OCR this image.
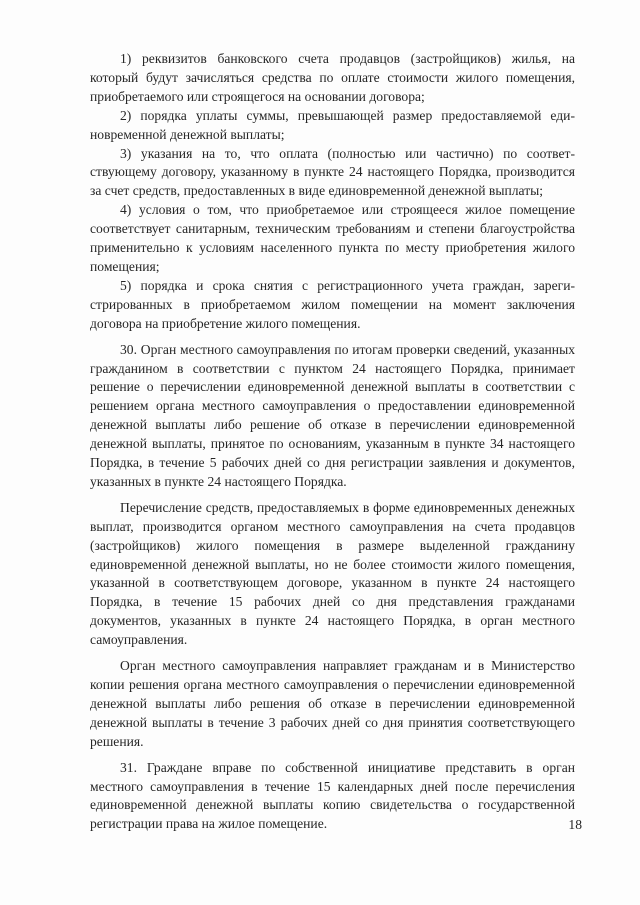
1) реквизитов банковского счета продавцов (застройщиков) жилья, на который будут зачисляться средства по оплате стоимости жилого помещения, приобретаемого или строящегося на основании договора;

2) порядка уплаты суммы, превышающей размер предоставляемой единовременной денежной выплаты;

3) указания на то, что оплата (полностью или частично) по соответствующему договору, указанному в пункте 24 настоящего Порядка, производится за счет средств, предоставленных в виде единовременной денежной выплаты;

4) условия о том, что приобретаемое или строящееся жилое помещение соответствует санитарным, техническим требованиям и степени благоустройства применительно к условиям населенного пункта по месту приобретения жилого помещения;

5) порядка и срока снятия с регистрационного учета граждан, зарегистрированных в приобретаемом жилом помещении на момент заключения договора на приобретение жилого помещения.

30. Орган местного самоуправления по итогам проверки сведений, указанных гражданином в соответствии с пунктом 24 настоящего Порядка, принимает решение о перечислении единовременной денежной выплаты в соответствии с решением органа местного самоуправления о предоставлении единовременной денежной выплаты либо решение об отказе в перечислении единовременной денежной выплаты, принятое по основаниям, указанным в пункте 34 настоящего Порядка, в течение 5 рабочих дней со дня регистрации заявления и документов, указанных в пункте 24 настоящего Порядка.

Перечисление средств, предоставляемых в форме единовременных денежных выплат, производится органом местного самоуправления на счета продавцов (застройщиков) жилого помещения в размере выделенной гражданину единовременной денежной выплаты, но не более стоимости жилого помещения, указанной в соответствующем договоре, указанном в пункте 24 настоящего Порядка, в течение 15 рабочих дней со дня представления гражданами документов, указанных в пункте 24 настоящего Порядка, в орган местного самоуправления.

Орган местного самоуправления направляет гражданам и в Министерство копии решения органа местного самоуправления о перечислении единовременной денежной выплаты либо решения об отказе в перечислении единовременной денежной выплаты в течение 3 рабочих дней со дня принятия соответствующего решения.

31. Граждане вправе по собственной инициативе представить в орган местного самоуправления в течение 15 календарных дней после перечисления единовременной денежной выплаты копию свидетельства о государственной регистрации права на жилое помещение.	18
